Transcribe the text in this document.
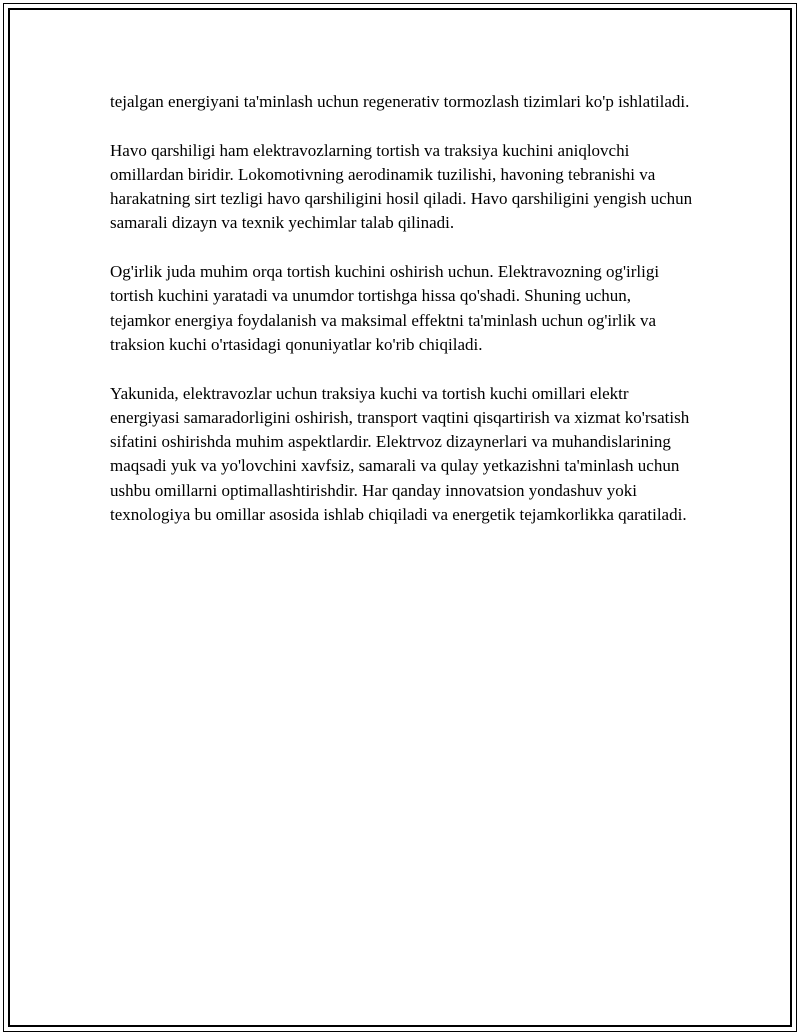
tejalgan energiyani ta'minlash uchun regenerativ tormozlash tizimlari ko'p ishlatiladi.

Havo qarshiligi ham elektravozlarning tortish va traksiya kuchini aniqlovchi omillardan biridir. Lokomotivning aerodinamik tuzilishi, havoning tebranishi va harakatning sirt tezligi havo qarshiligini hosil qiladi. Havo qarshiligini yengish uchun samarali dizayn va texnik yechimlar talab qilinadi.

Og'irlik juda muhim orqa tortish kuchini oshirish uchun. Elektravozning og'irligi tortish kuchini yaratadi va unumdor tortishga hissa qo'shadi. Shuning uchun, tejamkor energiya foydalanish va maksimal effektni ta'minlash uchun og'irlik va traksion kuchi o'rtasidagi qonuniyatlar ko'rib chiqiladi.

Yakunida, elektravozlar uchun traksiya kuchi va tortish kuchi omillari elektr energiyasi samaradorligini oshirish, transport vaqtini qisqartirish va xizmat ko'rsatish sifatini oshirishda muhim aspektlardir. Elektrvoz dizaynerlari va muhandislarining maqsadi yuk va yo'lovchini xavfsiz, samarali va qulay yetkazishni ta'minlash uchun ushbu omillarni optimallashtirishdir. Har qanday innovatsion yondashuv yoki texnologiya bu omillar asosida ishlab chiqiladi va energetik tejamkorlikka qaratiladi.
